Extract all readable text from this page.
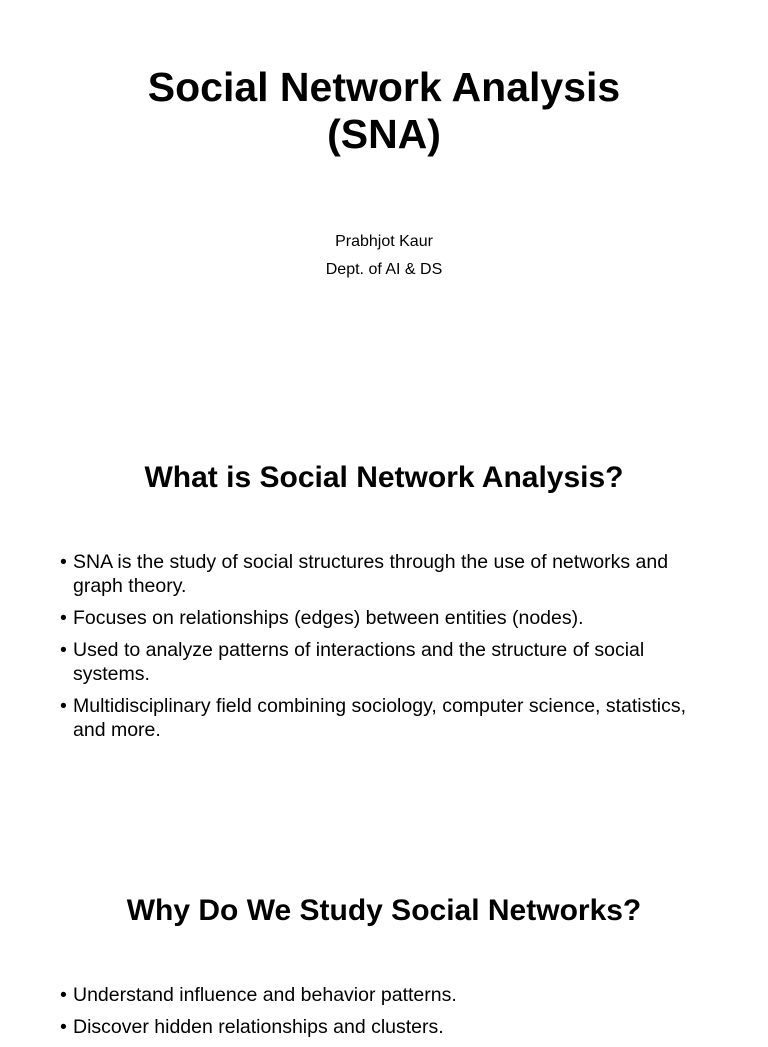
Social Network Analysis
(SNA)
Prabhjot Kaur
Dept. of AI & DS
What is Social Network Analysis?
• SNA is the study of social structures through the use of networks and graph theory.
• Focuses on relationships (edges) between entities (nodes).
• Used to analyze patterns of interactions and the structure of social systems.
• Multidisciplinary field combining sociology, computer science, statistics, and more.
Why Do We Study Social Networks?
• Understand influence and behavior patterns.
• Discover hidden relationships and clusters.
